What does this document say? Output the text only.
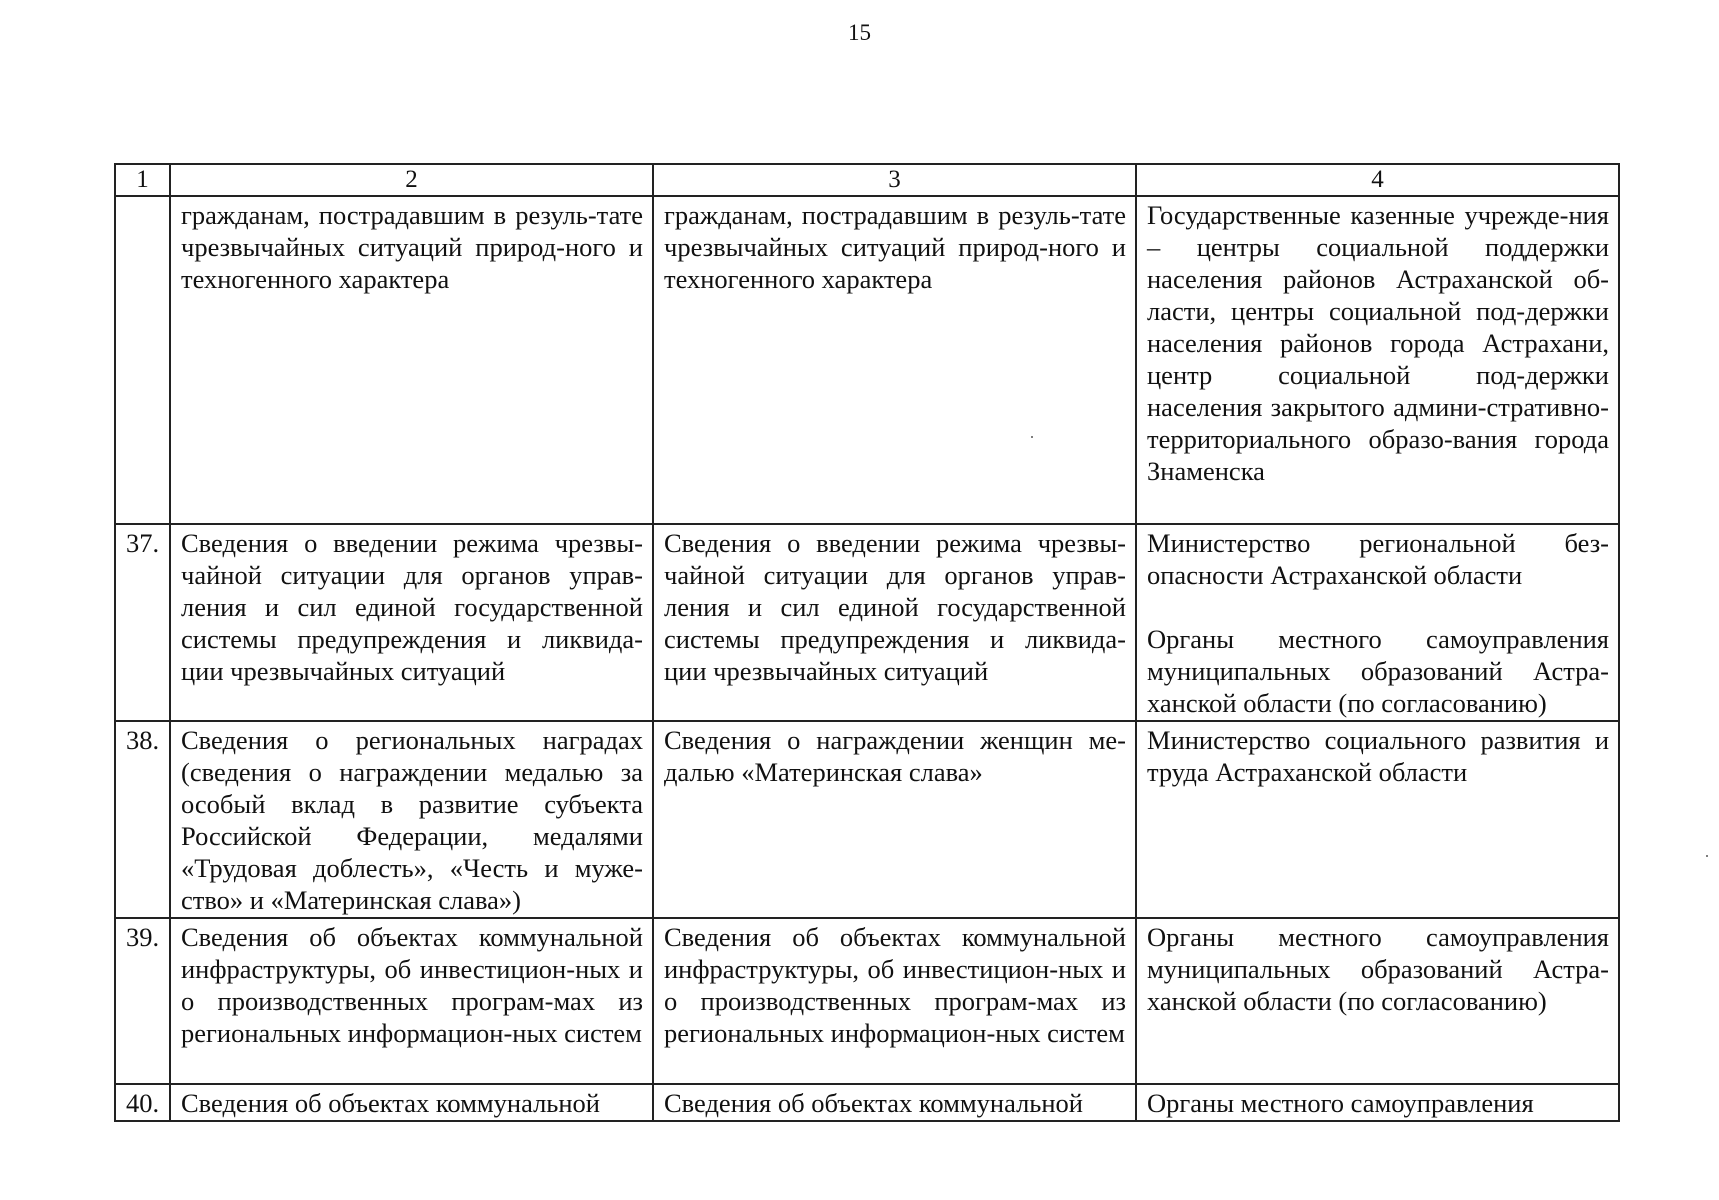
15
1	2	3	4
	гражданам, пострадавшим в резуль-тате чрезвычайных ситуаций природ-ного и техногенного характера	гражданам, пострадавшим в резуль-тате чрезвычайных ситуаций природ-ного и техногенного характера	Государственные казенные учрежде-ния – центры социальной поддержки населения районов Астраханской об-ласти, центры социальной под-держки населения районов города Астрахани, центр социальной под-держки населения закрытого админи-стративно-территориального образо-вания города Знаменска

37.	Сведения о введении режима чрезвы-чайной ситуации для органов управ-ления и сил единой государственной системы предупреждения и ликвида-ции чрезвычайных ситуаций	Сведения о введении режима чрезвы-чайной ситуации для органов управ-ления и сил единой государственной системы предупреждения и ликвида-ции чрезвычайных ситуаций	Министерство региональной без-опасности Астраханской области
Органы местного самоуправления муниципальных образований Астра-ханской области (по согласованию)

38.	Сведения о региональных наградах (сведения о награждении медалью за особый вклад в развитие субъекта Российской Федерации, медалями «Трудовая доблесть», «Честь и муже-ство» и «Материнская слава»)	Сведения о награждении женщин ме-далью «Материнская слава»	Министерство социального развития и труда Астраханской области

39.	Сведения об объектах коммунальной инфраструктуры, об инвестицион-ных и о производственных програм-мах из региональных информацион-ных систем	Сведения об объектах коммунальной инфраструктуры, об инвестицион-ных и о производственных програм-мах из региональных информацион-ных систем	Органы местного самоуправления муниципальных образований Астра-ханской области (по согласованию)

40.	Сведения об объектах коммунальной	Сведения об объектах коммунальной	Органы местного самоуправления
